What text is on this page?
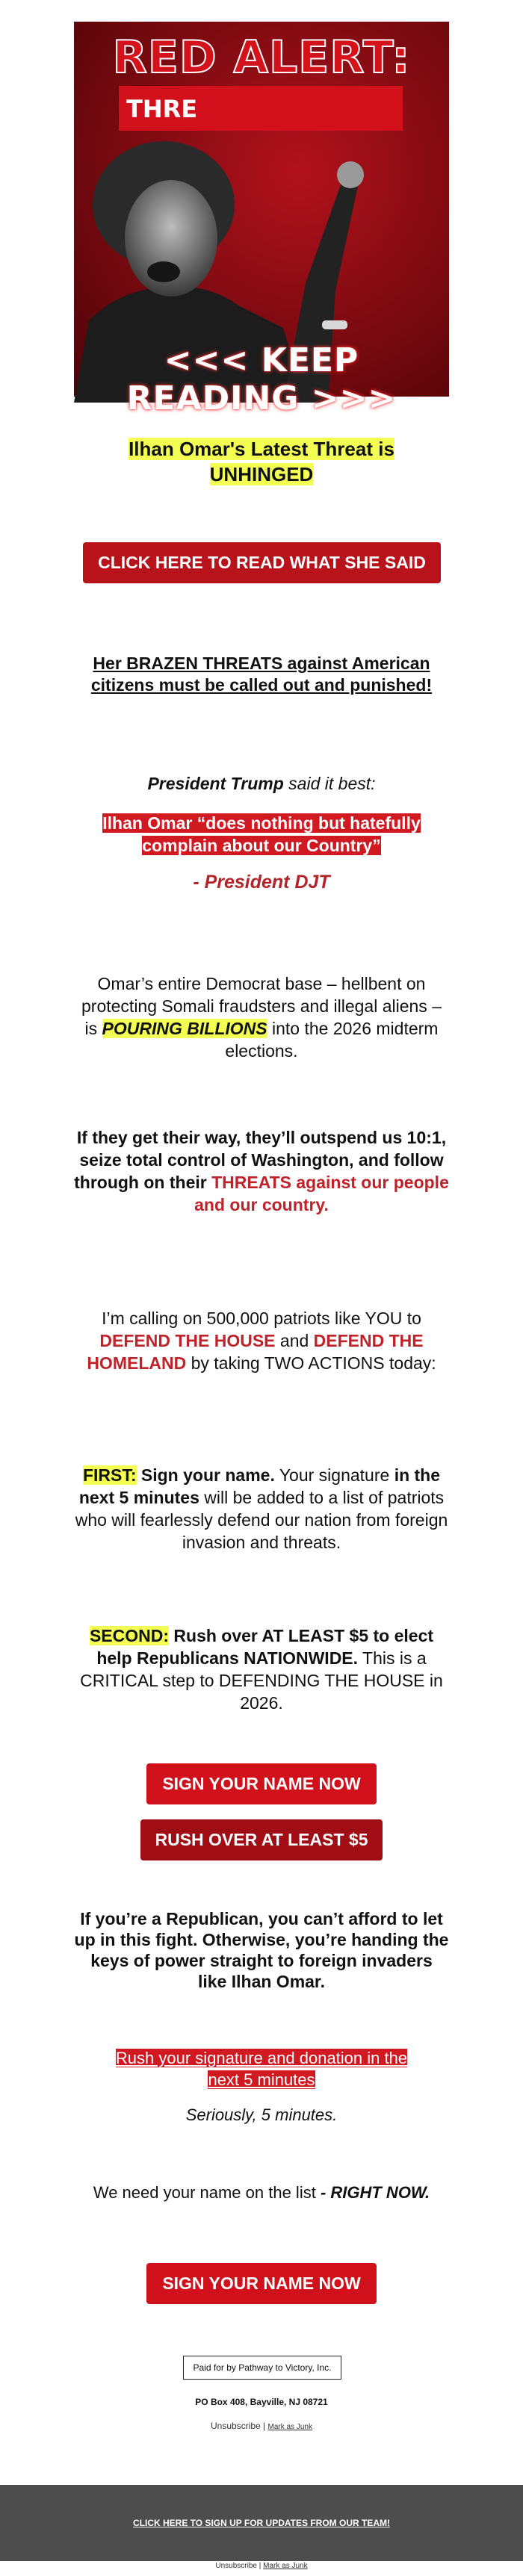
RED ALERT:
THRE
<<< KEEP READING >>>
Ilhan Omar's Latest Threat is
UNHINGED
CLICK HERE TO READ WHAT SHE SAID
Her BRAZEN THREATS against American
citizens must be called out and punished!
President Trump said it best:
Ilhan Omar “does nothing but hatefully
complain about our Country”
- President DJT
Omar’s entire Democrat base – hellbent on
protecting Somali fraudsters and illegal aliens –
is POURING BILLIONS into the 2026 midterm
elections.
If they get their way, they’ll outspend us 10:1,
seize total control of Washington, and follow
through on their THREATS against our people
and our country.
I’m calling on 500,000 patriots like YOU to
DEFEND THE HOUSE and DEFEND THE
HOMELAND by taking TWO ACTIONS today:
FIRST: Sign your name. Your signature in the
next 5 minutes will be added to a list of patriots
who will fearlessly defend our nation from foreign
invasion and threats.
SECOND: Rush over AT LEAST $5 to elect
help Republicans NATIONWIDE. This is a
CRITICAL step to DEFENDING THE HOUSE in
2026.
SIGN YOUR NAME NOW
RUSH OVER AT LEAST $5
If you’re a Republican, you can’t afford to let
up in this fight. Otherwise, you’re handing the
keys of power straight to foreign invaders
like Ilhan Omar.
Rush your signature and donation in the
next 5 minutes
Seriously, 5 minutes.
We need your name on the list - RIGHT NOW.
SIGN YOUR NAME NOW
Paid for by Pathway to Victory, Inc.
PO Box 408, Bayville, NJ 08721
Unsubscribe | Mark as Junk
CLICK HERE TO SIGN UP FOR UPDATES FROM OUR TEAM!
Unsubscribe | Mark as Junk
